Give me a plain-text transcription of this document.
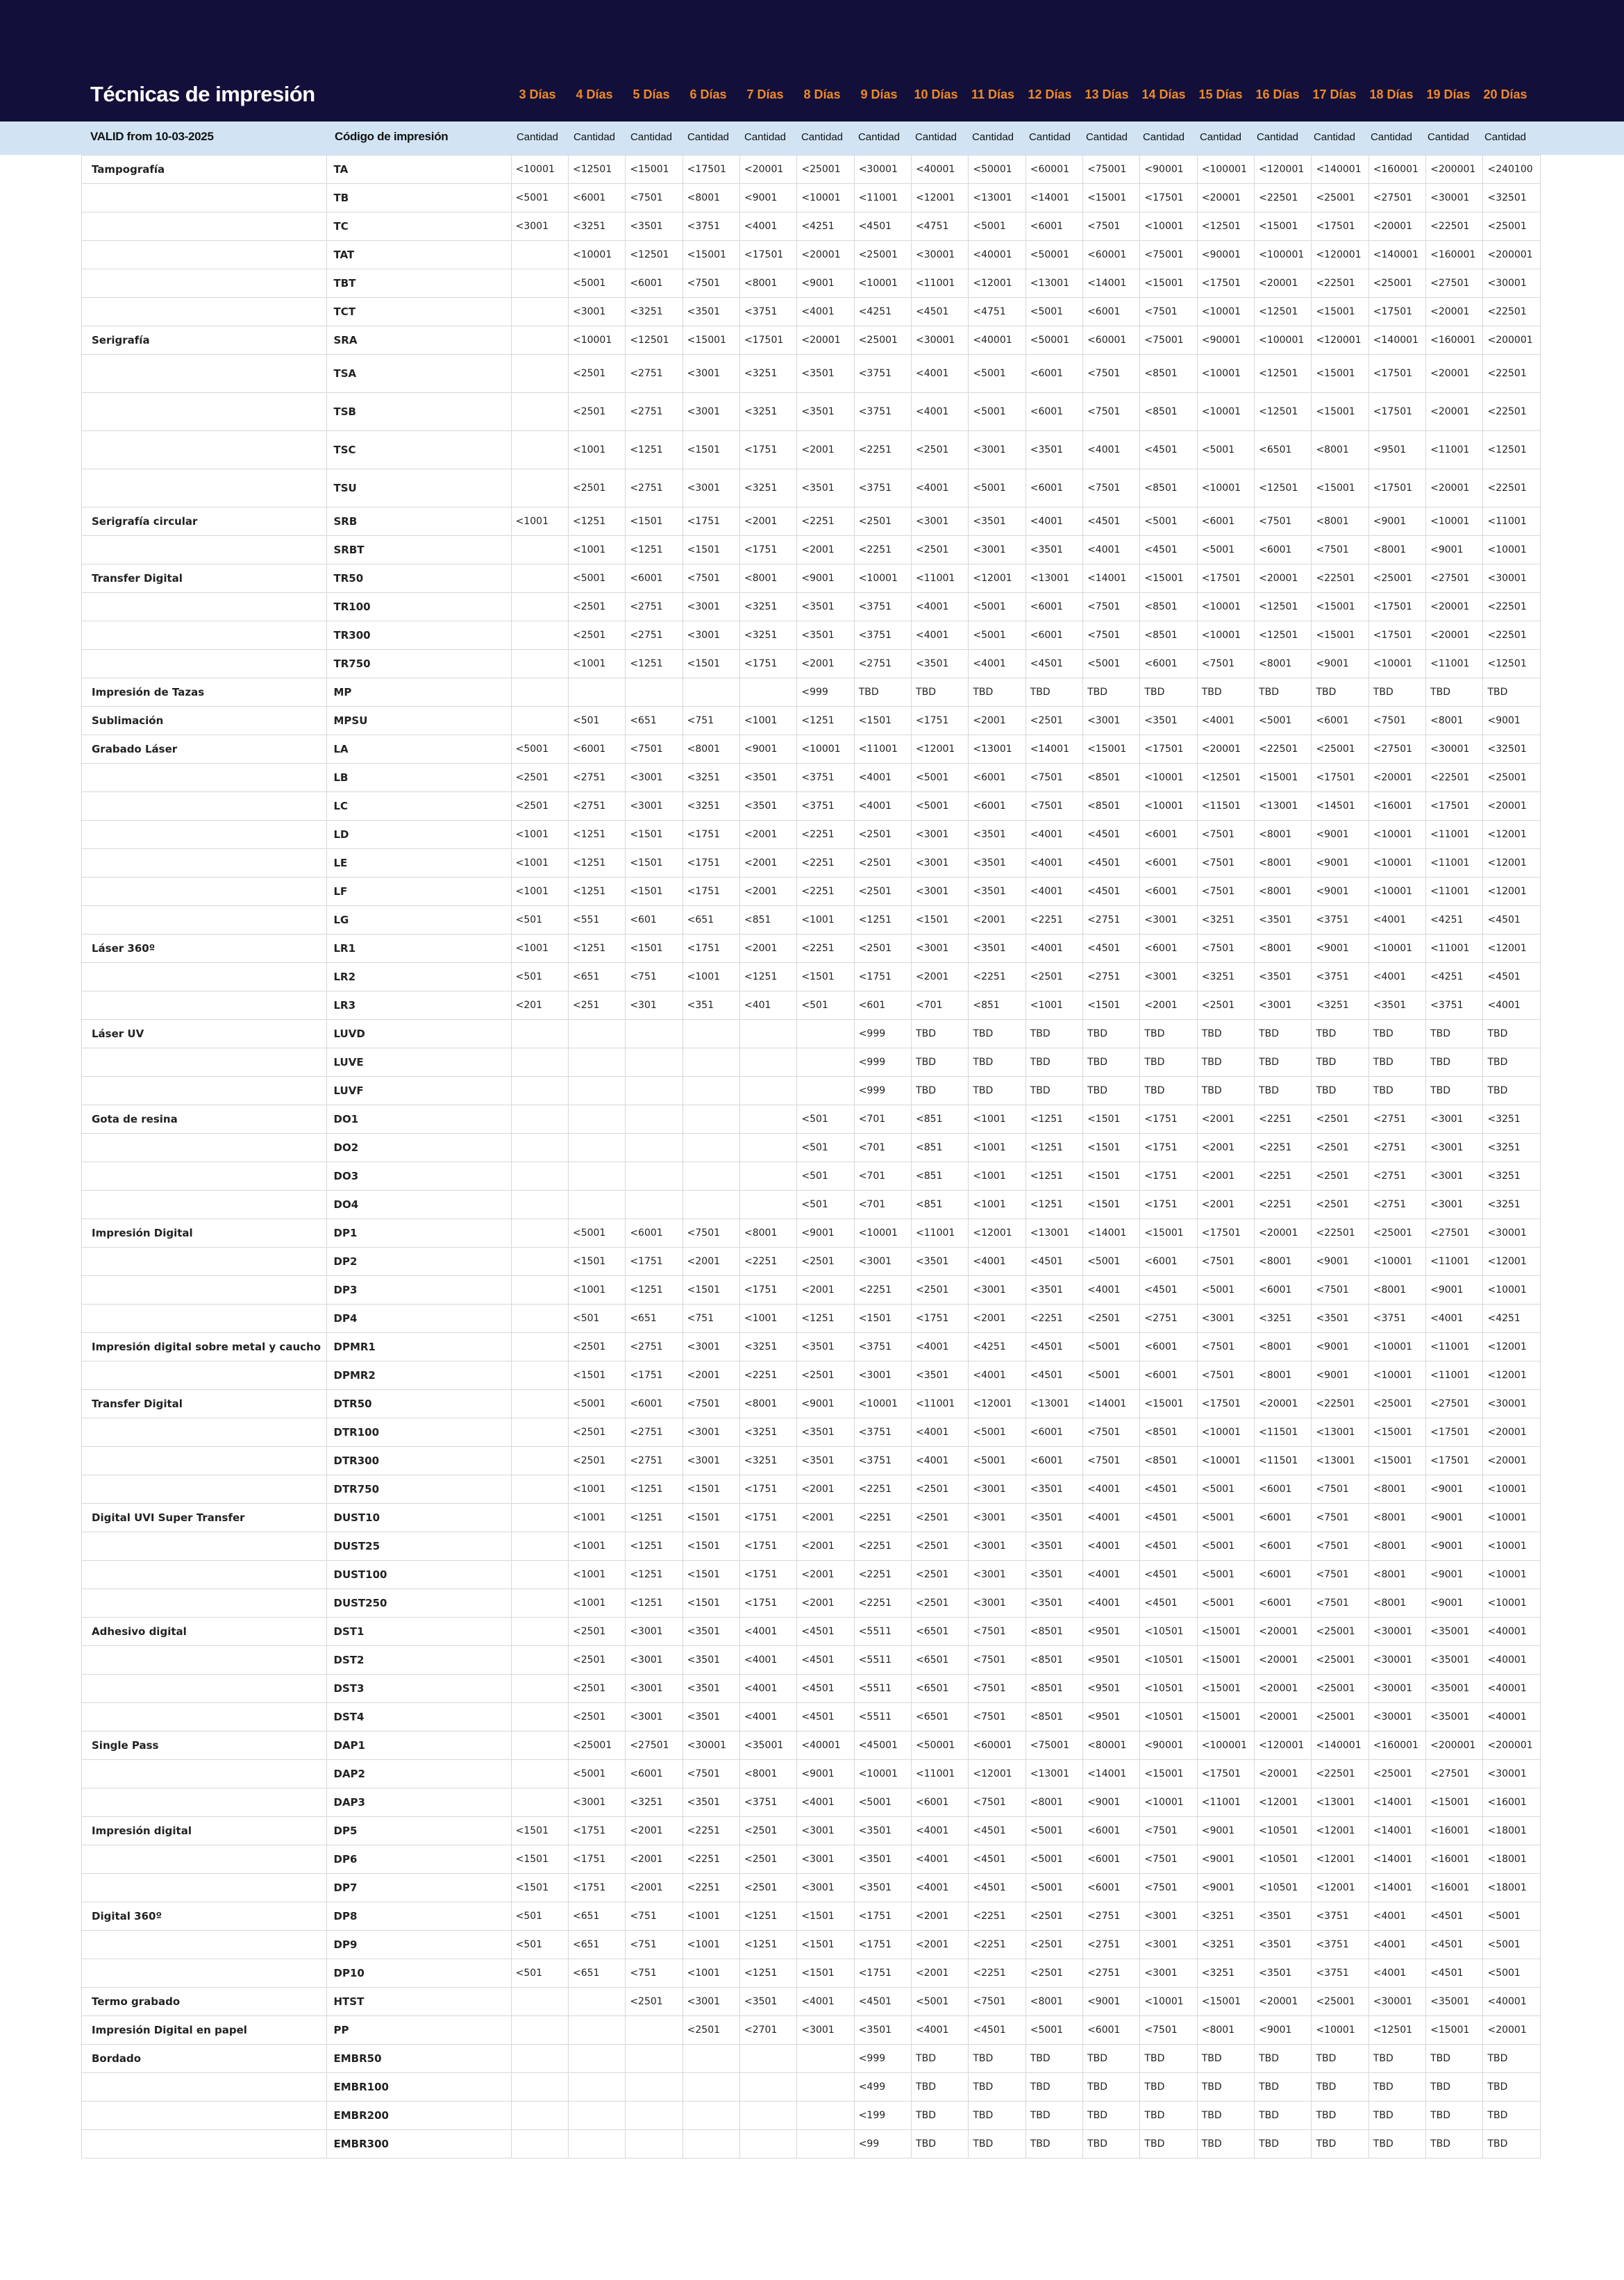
Técnicas de impresión	3 Días	4 Días	5 Días	6 Días	7 Días	8 Días	9 Días	10 Días	11 Días	12 Días	13 Días	14 Días	15 Días	16 Días	17 Días	18 Días	19 Días	20 Días
VALID from 10-03-2025	Código de impresión	Cantidad	Cantidad	Cantidad	Cantidad	Cantidad	Cantidad	Cantidad	Cantidad	Cantidad	Cantidad	Cantidad	Cantidad	Cantidad	Cantidad	Cantidad	Cantidad	Cantidad	Cantidad
Tampografía	TA	<10001	<12501	<15001	<17501	<20001	<25001	<30001	<40001	<50001	<60001	<75001	<90001	<100001	<120001	<140001	<160001	<200001	<240100
	TB	<5001	<6001	<7501	<8001	<9001	<10001	<11001	<12001	<13001	<14001	<15001	<17501	<20001	<22501	<25001	<27501	<30001	<32501
	TC	<3001	<3251	<3501	<3751	<4001	<4251	<4501	<4751	<5001	<6001	<7501	<10001	<12501	<15001	<17501	<20001	<22501	<25001
	TAT		<10001	<12501	<15001	<17501	<20001	<25001	<30001	<40001	<50001	<60001	<75001	<90001	<100001	<120001	<140001	<160001	<200001
	TBT		<5001	<6001	<7501	<8001	<9001	<10001	<11001	<12001	<13001	<14001	<15001	<17501	<20001	<22501	<25001	<27501	<30001
	TCT		<3001	<3251	<3501	<3751	<4001	<4251	<4501	<4751	<5001	<6001	<7501	<10001	<12501	<15001	<17501	<20001	<22501
Serigrafía	SRA		<10001	<12501	<15001	<17501	<20001	<25001	<30001	<40001	<50001	<60001	<75001	<90001	<100001	<120001	<140001	<160001	<200001
	TSA		<2501	<2751	<3001	<3251	<3501	<3751	<4001	<5001	<6001	<7501	<8501	<10001	<12501	<15001	<17501	<20001	<22501
	TSB		<2501	<2751	<3001	<3251	<3501	<3751	<4001	<5001	<6001	<7501	<8501	<10001	<12501	<15001	<17501	<20001	<22501
	TSC		<1001	<1251	<1501	<1751	<2001	<2251	<2501	<3001	<3501	<4001	<4501	<5001	<6501	<8001	<9501	<11001	<12501
	TSU		<2501	<2751	<3001	<3251	<3501	<3751	<4001	<5001	<6001	<7501	<8501	<10001	<12501	<15001	<17501	<20001	<22501
Serigrafía circular	SRB	<1001	<1251	<1501	<1751	<2001	<2251	<2501	<3001	<3501	<4001	<4501	<5001	<6001	<7501	<8001	<9001	<10001	<11001
	SRBT		<1001	<1251	<1501	<1751	<2001	<2251	<2501	<3001	<3501	<4001	<4501	<5001	<6001	<7501	<8001	<9001	<10001
Transfer Digital	TR50		<5001	<6001	<7501	<8001	<9001	<10001	<11001	<12001	<13001	<14001	<15001	<17501	<20001	<22501	<25001	<27501	<30001
	TR100		<2501	<2751	<3001	<3251	<3501	<3751	<4001	<5001	<6001	<7501	<8501	<10001	<12501	<15001	<17501	<20001	<22501
	TR300		<2501	<2751	<3001	<3251	<3501	<3751	<4001	<5001	<6001	<7501	<8501	<10001	<12501	<15001	<17501	<20001	<22501
	TR750		<1001	<1251	<1501	<1751	<2001	<2751	<3501	<4001	<4501	<5001	<6001	<7501	<8001	<9001	<10001	<11001	<12501
Impresión de Tazas	MP						<999	TBD	TBD	TBD	TBD	TBD	TBD	TBD	TBD	TBD	TBD	TBD	TBD
Sublimación	MPSU		<501	<651	<751	<1001	<1251	<1501	<1751	<2001	<2501	<3001	<3501	<4001	<5001	<6001	<7501	<8001	<9001
Grabado Láser	LA	<5001	<6001	<7501	<8001	<9001	<10001	<11001	<12001	<13001	<14001	<15001	<17501	<20001	<22501	<25001	<27501	<30001	<32501
	LB	<2501	<2751	<3001	<3251	<3501	<3751	<4001	<5001	<6001	<7501	<8501	<10001	<12501	<15001	<17501	<20001	<22501	<25001
	LC	<2501	<2751	<3001	<3251	<3501	<3751	<4001	<5001	<6001	<7501	<8501	<10001	<11501	<13001	<14501	<16001	<17501	<20001
	LD	<1001	<1251	<1501	<1751	<2001	<2251	<2501	<3001	<3501	<4001	<4501	<6001	<7501	<8001	<9001	<10001	<11001	<12001
	LE	<1001	<1251	<1501	<1751	<2001	<2251	<2501	<3001	<3501	<4001	<4501	<6001	<7501	<8001	<9001	<10001	<11001	<12001
	LF	<1001	<1251	<1501	<1751	<2001	<2251	<2501	<3001	<3501	<4001	<4501	<6001	<7501	<8001	<9001	<10001	<11001	<12001
	LG	<501	<551	<601	<651	<851	<1001	<1251	<1501	<2001	<2251	<2751	<3001	<3251	<3501	<3751	<4001	<4251	<4501
Láser 360º	LR1	<1001	<1251	<1501	<1751	<2001	<2251	<2501	<3001	<3501	<4001	<4501	<6001	<7501	<8001	<9001	<10001	<11001	<12001
	LR2	<501	<651	<751	<1001	<1251	<1501	<1751	<2001	<2251	<2501	<2751	<3001	<3251	<3501	<3751	<4001	<4251	<4501
	LR3	<201	<251	<301	<351	<401	<501	<601	<701	<851	<1001	<1501	<2001	<2501	<3001	<3251	<3501	<3751	<4001
Láser UV	LUVD							<999	TBD	TBD	TBD	TBD	TBD	TBD	TBD	TBD	TBD	TBD	TBD
	LUVE							<999	TBD	TBD	TBD	TBD	TBD	TBD	TBD	TBD	TBD	TBD	TBD
	LUVF							<999	TBD	TBD	TBD	TBD	TBD	TBD	TBD	TBD	TBD	TBD	TBD
Gota de resina	DO1						<501	<701	<851	<1001	<1251	<1501	<1751	<2001	<2251	<2501	<2751	<3001	<3251
	DO2						<501	<701	<851	<1001	<1251	<1501	<1751	<2001	<2251	<2501	<2751	<3001	<3251
	DO3						<501	<701	<851	<1001	<1251	<1501	<1751	<2001	<2251	<2501	<2751	<3001	<3251
	DO4						<501	<701	<851	<1001	<1251	<1501	<1751	<2001	<2251	<2501	<2751	<3001	<3251
Impresión Digital	DP1		<5001	<6001	<7501	<8001	<9001	<10001	<11001	<12001	<13001	<14001	<15001	<17501	<20001	<22501	<25001	<27501	<30001
	DP2		<1501	<1751	<2001	<2251	<2501	<3001	<3501	<4001	<4501	<5001	<6001	<7501	<8001	<9001	<10001	<11001	<12001
	DP3		<1001	<1251	<1501	<1751	<2001	<2251	<2501	<3001	<3501	<4001	<4501	<5001	<6001	<7501	<8001	<9001	<10001
	DP4		<501	<651	<751	<1001	<1251	<1501	<1751	<2001	<2251	<2501	<2751	<3001	<3251	<3501	<3751	<4001	<4251
Impresión digital sobre metal y caucho	DPMR1		<2501	<2751	<3001	<3251	<3501	<3751	<4001	<4251	<4501	<5001	<6001	<7501	<8001	<9001	<10001	<11001	<12001
	DPMR2		<1501	<1751	<2001	<2251	<2501	<3001	<3501	<4001	<4501	<5001	<6001	<7501	<8001	<9001	<10001	<11001	<12001
Transfer Digital	DTR50		<5001	<6001	<7501	<8001	<9001	<10001	<11001	<12001	<13001	<14001	<15001	<17501	<20001	<22501	<25001	<27501	<30001
	DTR100		<2501	<2751	<3001	<3251	<3501	<3751	<4001	<5001	<6001	<7501	<8501	<10001	<11501	<13001	<15001	<17501	<20001
	DTR300		<2501	<2751	<3001	<3251	<3501	<3751	<4001	<5001	<6001	<7501	<8501	<10001	<11501	<13001	<15001	<17501	<20001
	DTR750		<1001	<1251	<1501	<1751	<2001	<2251	<2501	<3001	<3501	<4001	<4501	<5001	<6001	<7501	<8001	<9001	<10001
Digital UVI Super Transfer	DUST10		<1001	<1251	<1501	<1751	<2001	<2251	<2501	<3001	<3501	<4001	<4501	<5001	<6001	<7501	<8001	<9001	<10001
	DUST25		<1001	<1251	<1501	<1751	<2001	<2251	<2501	<3001	<3501	<4001	<4501	<5001	<6001	<7501	<8001	<9001	<10001
	DUST100		<1001	<1251	<1501	<1751	<2001	<2251	<2501	<3001	<3501	<4001	<4501	<5001	<6001	<7501	<8001	<9001	<10001
	DUST250		<1001	<1251	<1501	<1751	<2001	<2251	<2501	<3001	<3501	<4001	<4501	<5001	<6001	<7501	<8001	<9001	<10001
Adhesivo digital	DST1		<2501	<3001	<3501	<4001	<4501	<5511	<6501	<7501	<8501	<9501	<10501	<15001	<20001	<25001	<30001	<35001	<40001
	DST2		<2501	<3001	<3501	<4001	<4501	<5511	<6501	<7501	<8501	<9501	<10501	<15001	<20001	<25001	<30001	<35001	<40001
	DST3		<2501	<3001	<3501	<4001	<4501	<5511	<6501	<7501	<8501	<9501	<10501	<15001	<20001	<25001	<30001	<35001	<40001
	DST4		<2501	<3001	<3501	<4001	<4501	<5511	<6501	<7501	<8501	<9501	<10501	<15001	<20001	<25001	<30001	<35001	<40001
Single Pass	DAP1		<25001	<27501	<30001	<35001	<40001	<45001	<50001	<60001	<75001	<80001	<90001	<100001	<120001	<140001	<160001	<200001	<200001
	DAP2		<5001	<6001	<7501	<8001	<9001	<10001	<11001	<12001	<13001	<14001	<15001	<17501	<20001	<22501	<25001	<27501	<30001
	DAP3		<3001	<3251	<3501	<3751	<4001	<5001	<6001	<7501	<8001	<9001	<10001	<11001	<12001	<13001	<14001	<15001	<16001
Impresión digital	DP5	<1501	<1751	<2001	<2251	<2501	<3001	<3501	<4001	<4501	<5001	<6001	<7501	<9001	<10501	<12001	<14001	<16001	<18001
	DP6	<1501	<1751	<2001	<2251	<2501	<3001	<3501	<4001	<4501	<5001	<6001	<7501	<9001	<10501	<12001	<14001	<16001	<18001
	DP7	<1501	<1751	<2001	<2251	<2501	<3001	<3501	<4001	<4501	<5001	<6001	<7501	<9001	<10501	<12001	<14001	<16001	<18001
Digital 360º	DP8	<501	<651	<751	<1001	<1251	<1501	<1751	<2001	<2251	<2501	<2751	<3001	<3251	<3501	<3751	<4001	<4501	<5001
	DP9	<501	<651	<751	<1001	<1251	<1501	<1751	<2001	<2251	<2501	<2751	<3001	<3251	<3501	<3751	<4001	<4501	<5001
	DP10	<501	<651	<751	<1001	<1251	<1501	<1751	<2001	<2251	<2501	<2751	<3001	<3251	<3501	<3751	<4001	<4501	<5001
Termo grabado	HTST			<2501	<3001	<3501	<4001	<4501	<5001	<7501	<8001	<9001	<10001	<15001	<20001	<25001	<30001	<35001	<40001
Impresión Digital en papel	PP				<2501	<2701	<3001	<3501	<4001	<4501	<5001	<6001	<7501	<8001	<9001	<10001	<12501	<15001	<20001
Bordado	EMBR50							<999	TBD	TBD	TBD	TBD	TBD	TBD	TBD	TBD	TBD	TBD	TBD
	EMBR100							<499	TBD	TBD	TBD	TBD	TBD	TBD	TBD	TBD	TBD	TBD	TBD
	EMBR200							<199	TBD	TBD	TBD	TBD	TBD	TBD	TBD	TBD	TBD	TBD	TBD
	EMBR300							<99	TBD	TBD	TBD	TBD	TBD	TBD	TBD	TBD	TBD	TBD	TBD
